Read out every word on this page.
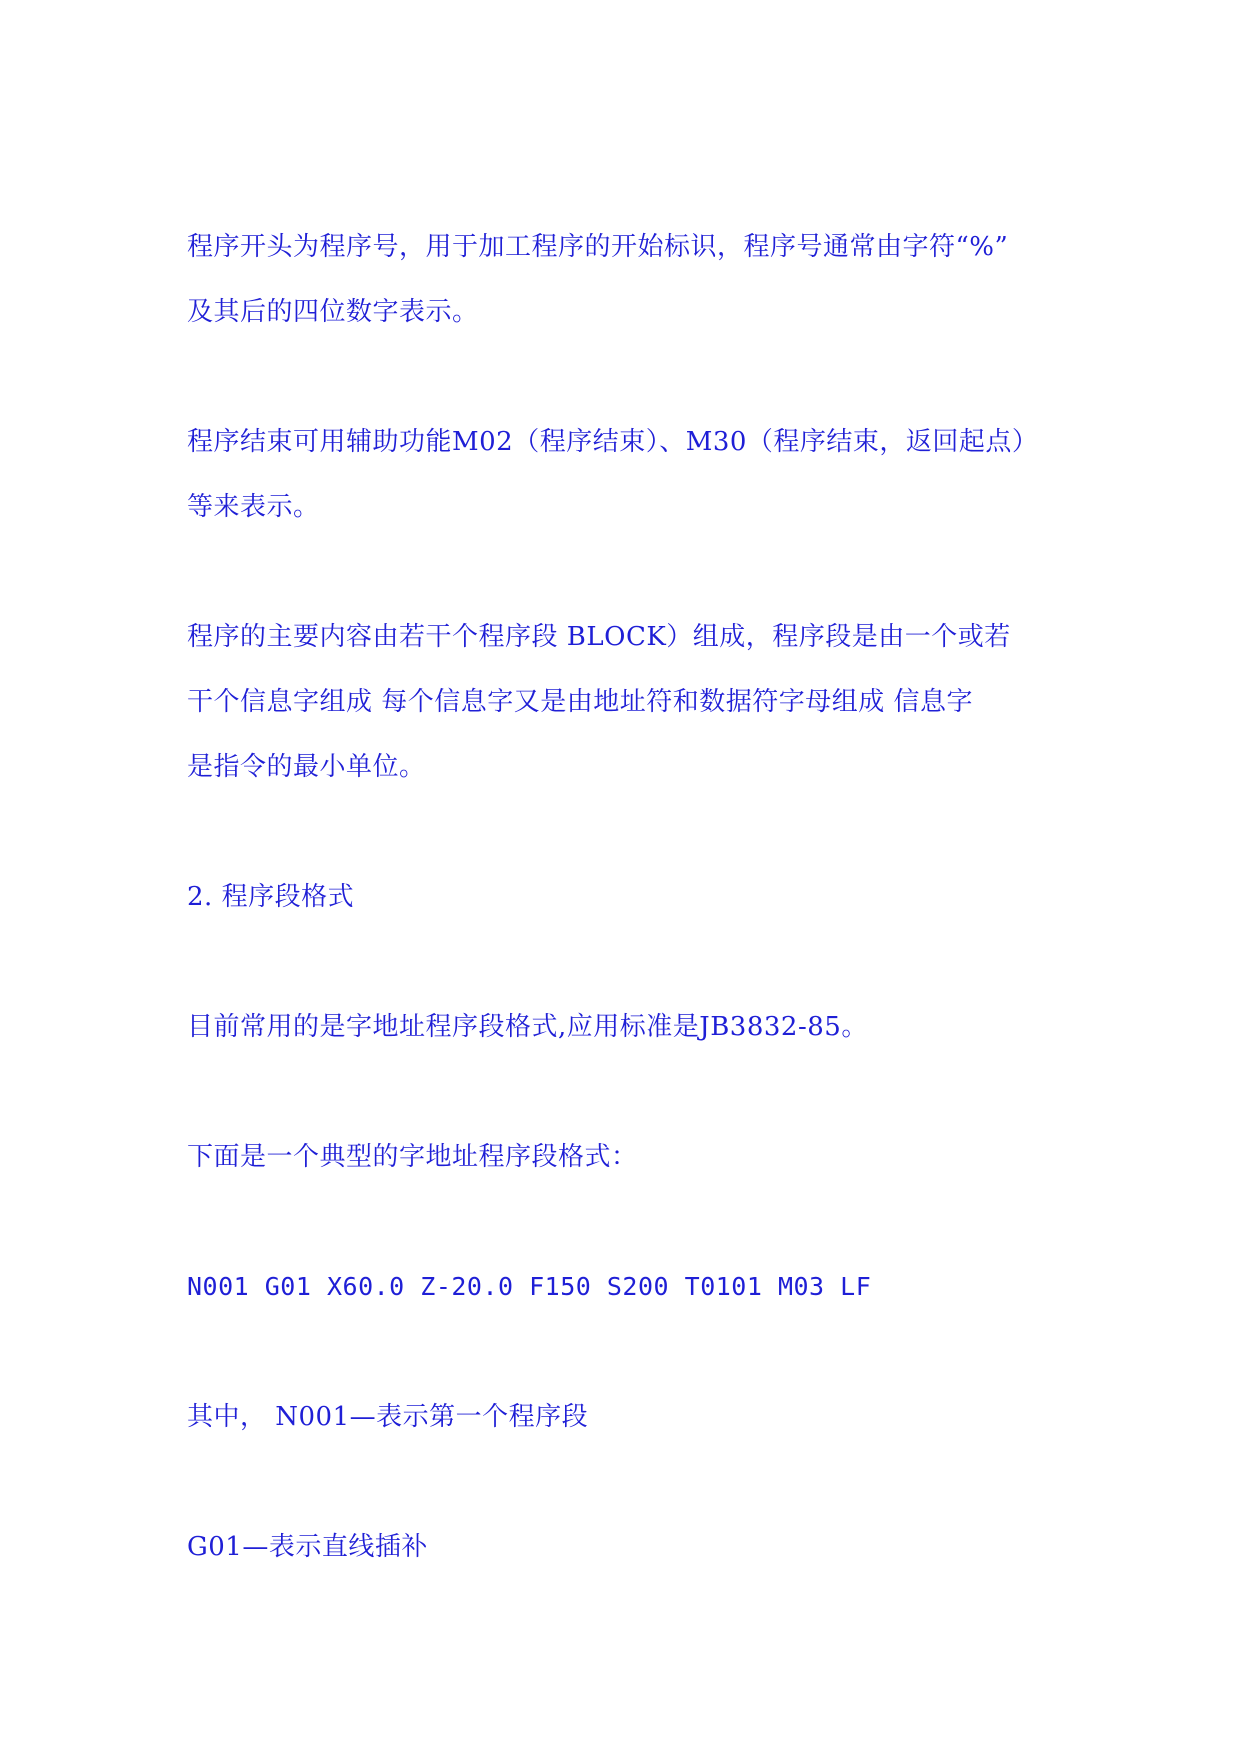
程序开头为程序号，用于加工程序的开始标识，程序号通常由字符“%”

及其后的四位数字表示。

程序结束可用辅助功能M02（程序结束）、M30（程序结束，返回起点）

等来表示。

程序的主要内容由若干个程序段 BLOCK）组成，程序段是由一个或若

干个信息字组成 每个信息字又是由地址符和数据符字母组成 信息字

是指令的最小单位。

2. 程序段格式

目前常用的是字地址程序段格式,应用标准是JB3832-85。

下面是一个典型的字地址程序段格式：

N001 G01 X60.0 Z-20.0 F150 S200 T0101 M03 LF

其中， N001—表示第一个程序段

G01—表示直线插补
